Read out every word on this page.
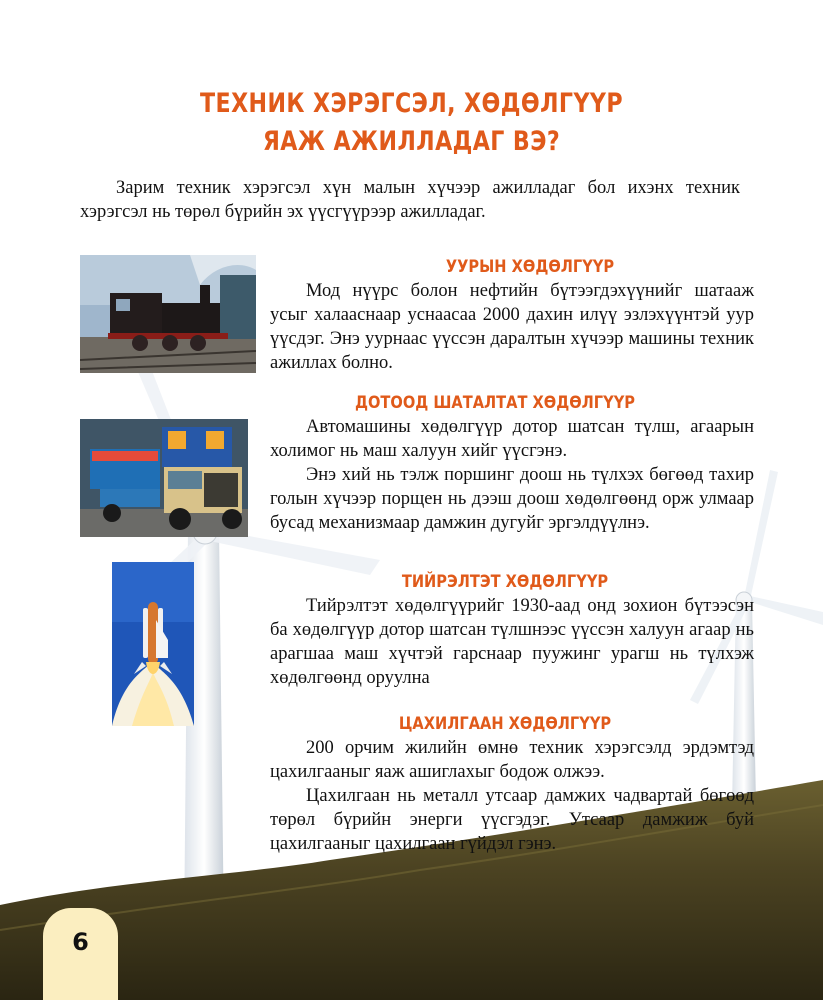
ТЕХНИК ХЭРЭГСЭЛ, ХӨДӨЛГҮҮР
ЯАЖ АЖИЛЛАДАГ ВЭ?
Зарим техник хэрэгсэл хүн малын хүчээр ажилладаг бол ихэнх техник хэрэгсэл нь төрөл бүрийн эх үүсгүүрээр ажилладаг.
УУРЫН ХӨДӨЛГҮҮР
Мод нүүрс болон нефтийн бүтээгдэхүүнийг шатааж усыг халааснаар уснаасаа 2000 дахин илүү эзлэхүүнтэй уур үүсдэг. Энэ уурнаас үүссэн даралтын хүчээр машины техник ажиллах болно.
ДОТООД ШАТАЛТАТ ХӨДӨЛГҮҮР
Автомашины хөдөлгүүр дотор шатсан түлш, агаарын холимог нь маш халуун хийг үүсгэнэ.
Энэ хий нь тэлж поршинг доош нь түлхэх бөгөөд тахир голын хүчээр порщен нь дээш доош хөдөлгөөнд орж улмаар бусад механизмаар дамжин дугуйг эргэлдүүлнэ.
ТИЙРЭЛТЭТ ХӨДӨЛГҮҮР
Тийрэлтэт хөдөлгүүрийг 1930-аад онд зохион бүтээсэн ба хөдөлгүүр дотор шатсан түлшнээс үүссэн халуун агаар нь арагшаа маш хүчтэй гарснаар пуужинг урагш нь түлхэж хөдөлгөөнд оруулна
ЦАХИЛГААН ХӨДӨЛГҮҮР
200 орчим жилийн өмнө техник хэрэгсэлд эрдэмтэд цахилгааныг яаж ашиглахыг бодож олжээ.
Цахилгаан нь металл утсаар дамжих чадвартай бөгөөд төрөл бүрийн энерги үүсгэдэг. Утсаар дамжиж буй цахилгааныг цахилгаан гүйдэл гэнэ.
6
